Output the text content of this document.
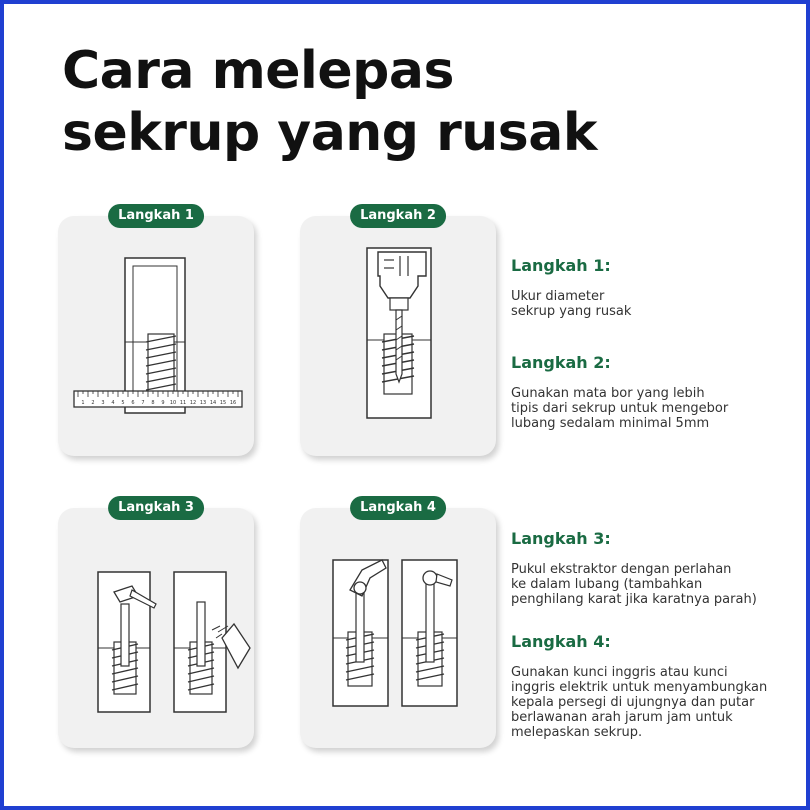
Cara melepas
sekrup yang rusak
1 2 3 4 5 6 7 8 9 10 11 12 13 14 15 16
Langkah 1	Langkah 2
Langkah 3	Langkah 4

Langkah 1:

Ukur diameter
sekrup yang rusak

Langkah 2:

Gunakan mata bor yang lebih
tipis dari sekrup untuk mengebor
lubang sedalam minimal 5mm

Langkah 3:

Pukul ekstraktor dengan perlahan
ke dalam lubang (tambahkan
penghilang karat jika karatnya parah)

Langkah 4:

Gunakan kunci inggris atau kunci
inggris elektrik untuk menyambungkan
kepala persegi di ujungnya dan putar
berlawanan arah jarum jam untuk
melepaskan sekrup.
